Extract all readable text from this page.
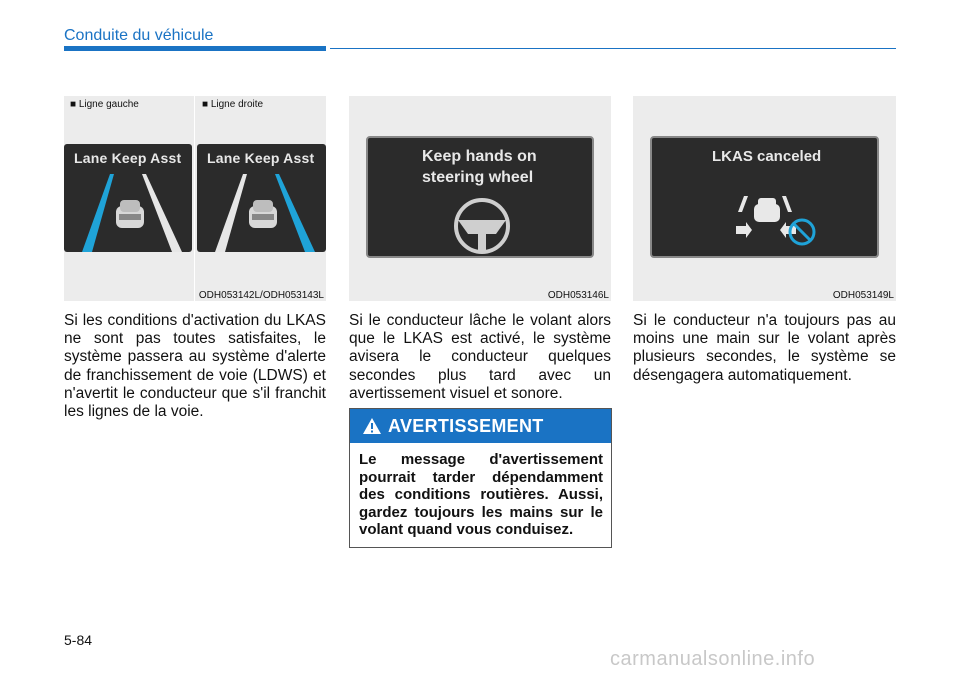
Conduite du véhicule
■ Ligne gauche	■ Ligne droite
Lane Keep Asst Lane Keep Asst
ODH053142L/ODH053143L
Keep hands on
steering wheel
ODH053146L
LKAS canceled
ODH053149L
Si les conditions d'activation du LKAS ne sont pas toutes satisfaites, le système passera au système d'alerte de franchissement de voie (LDWS) et n'avertit le conducteur que s'il franchit les lignes de la voie.
Si le conducteur lâche le volant alors que le LKAS est activé, le système avisera le conducteur quelques secondes plus tard avec un avertissement visuel et sonore.
Si le conducteur n'a toujours pas au moins une main sur le volant après plusieurs secondes, le système se désengagera automatiquement.
AVERTISSEMENT
Le message d'avertissement pourrait tarder dépendamment des conditions routières. Aussi, gardez toujours les mains sur le volant quand vous conduisez.
5-84
carmanualsonline.info
